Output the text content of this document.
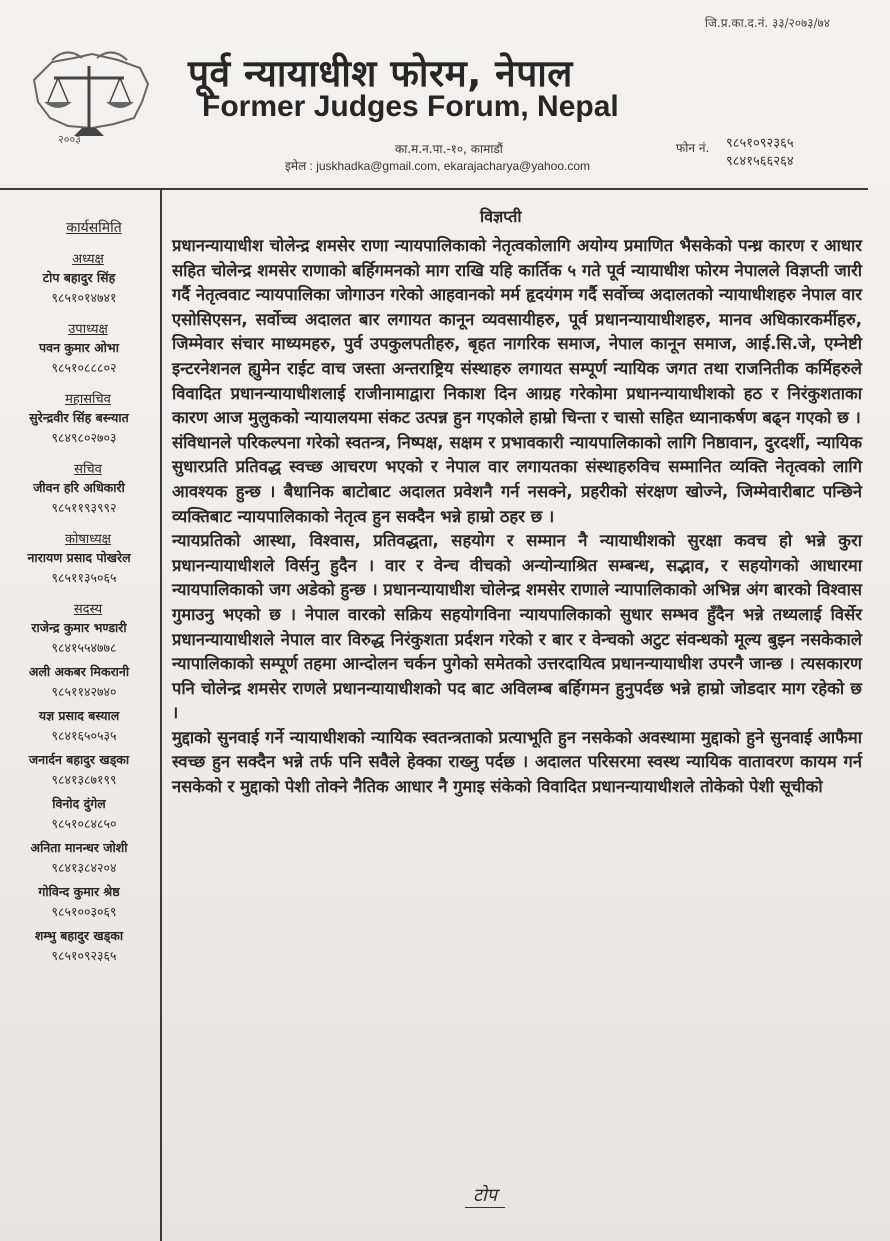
जि.प्र.का.द.नं. ३३/२०७३/७४
२००३
पूर्व न्यायाधीश फोरम, नेपाल
Former Judges Forum, Nepal
का.म.न.पा.-१०, कामाडौं
इमेल : juskhadka@gmail.com, ekarajacharya@yahoo.com
फोन नं. ९८५१०९२३६५
९८४१५६६२६४
कार्यसमिति
अध्यक्ष
टोप बहादुर सिंह
९८५१०१४७४१
उपाध्यक्ष
पवन कुमार ओभा
९८५१०८८८०२
महासचिव
सुरेन्द्रवीर सिंह बस्न्यात
९८४९८०२७०३
सचिव
जीवन हरि अधिकारी
९८५११९३९९२
कोषाध्यक्ष
नारायण प्रसाद पोखरेल
९८५११३५०६५
सदस्य
राजेन्द्र कुमार भण्डारी
९८४१५५४७७८
अली अकबर मिकरानी
९८५११४२७४०
यज्ञ प्रसाद बस्याल
९८४१६५०५३५
जनार्दन बहादुर खड्का
९८४१३८७१९९
विनोद दुंगेल
९८५१०८४८५०
अनिता मानन्धर जोशी
९८४१३८४२०४
गोविन्द कुमार श्रेष्ठ
९८५१००३०६९
शम्भु बहादुर खड्का
९८५१०९२३६५
विज्ञप्ती

प्रधानन्यायाधीश चोलेन्द्र शमसेर राणा न्यायपालिकाको नेतृत्वकोलागि अयोग्य प्रमाणित भैसकेको पन्ध्र कारण र आधार सहित चोलेन्द्र शमसेर राणाको बर्हिगमनको माग राखि यहि कार्तिक ५ गते पूर्व न्यायाधीश फोरम नेपालले विज्ञप्ती जारी गर्दै नेतृत्ववाट न्यायपालिका जोगाउन गरेको आहवानको मर्म हृदयंगम गर्दै सर्वोच्च अदालतको न्यायाधीशहरु नेपाल वार एसोसिएसन, सर्वोच्च अदालत बार लगायत कानून व्यवसायीहरु, पूर्व प्रधानन्यायाधीशहरु, मानव अधिकारकर्मीहरु, जिम्मेवार संचार माध्यमहरु, पुर्व उपकुलपतीहरु, बृहत नागरिक समाज, नेपाल कानून समाज, आई.सि.जे, एम्नेष्टी इन्टरनेशनल ह्युमेन राईट वाच जस्ता अन्तराष्ट्रिय संस्थाहरु लगायत सम्पूर्ण न्यायिक जगत तथा राजनितीक कर्मिहरुले विवादित प्रधानन्यायाधीशलाई राजीनामाद्वारा निकाश दिन आग्रह गरेकोमा प्रधानन्यायाधीशको हठ र निरंकुशताका कारण आज मुलुकको न्यायालयमा संकट उत्पन्न हुन गएकोले हाम्रो चिन्ता र चासो सहित ध्यानाकर्षण बढ्न गएको छ ।

संविधानले परिकल्पना गरेको स्वतन्त्र, निष्पक्ष, सक्षम र प्रभावकारी न्यायपालिकाको लागि निष्ठावान, दुरदर्शी, न्यायिक सुधारप्रति प्रतिवद्ध स्वच्छ आचरण भएको र नेपाल वार लगायतका संस्थाहरुविच सम्मानित व्यक्ति नेतृत्वको लागि आवश्यक हुन्छ । बैधानिक बाटोबाट अदालत प्रवेशनै गर्न नसक्ने, प्रहरीको संरक्षण खोज्ने, जिम्मेवारीबाट पन्छिने व्यक्तिबाट न्यायपालिकाको नेतृत्व हुन सक्दैन भन्ने हाम्रो ठहर छ ।

न्यायप्रतिको आस्था, विश्वास, प्रतिवद्धता, सहयोग र सम्मान नै न्यायाधीशको सुरक्षा कवच हो भन्ने कुरा प्रधानन्यायाधीशले विर्सनु हुदैन । वार र वेन्च वीचको अन्योन्याश्रित सम्बन्ध, सद्भाव, र सहयोगको आधारमा न्यायपालिकाको जग अडेको हुन्छ । प्रधानन्यायाधीश चोलेन्द्र शमसेर राणाले न्यापालिकाको अभिन्न अंग बारको विश्वास गुमाउनु भएको छ । नेपाल वारको सक्रिय सहयोगविना न्यायपालिकाको सुधार सम्भव हुँदैन भन्ने तथ्यलाई विर्सेर प्रधानन्यायाधीशले नेपाल वार विरुद्ध निरंकुशता प्रर्दशन गरेको र बार र वेन्चको अटुट संवन्धको मूल्य बुझ्न नसकेकाले न्यापालिकाको सम्पूर्ण तहमा आन्दोलन चर्कन पुगेको समेतको उत्तरदायित्व प्रधानन्यायाधीश उपरनै जान्छ । त्यसकारण पनि चोलेन्द्र शमसेर राणले प्रधानन्यायाधीशको पद बाट अविलम्ब बर्हिगमन हुनुपर्दछ भन्ने हाम्रो जोडदार माग रहेको छ ।

मुद्दाको सुनवाई गर्ने न्यायाधीशको न्यायिक स्वतन्त्रताको प्रत्याभूति हुन नसकेको अवस्थामा मुद्दाको हुने सुनवाई आफैमा स्वच्छ हुन सक्दैन भन्ने तर्फ पनि सवैले हेक्का राख्नु पर्दछ । अदालत परिसरमा स्वस्थ न्यायिक वातावरण कायम गर्न नसकेको र मुद्दाको पेशी तोक्ने नैतिक आधार नै गुमाइ संकेको विवादित प्रधानन्यायाधीशले तोकेको पेशी सूचीको

टोप
